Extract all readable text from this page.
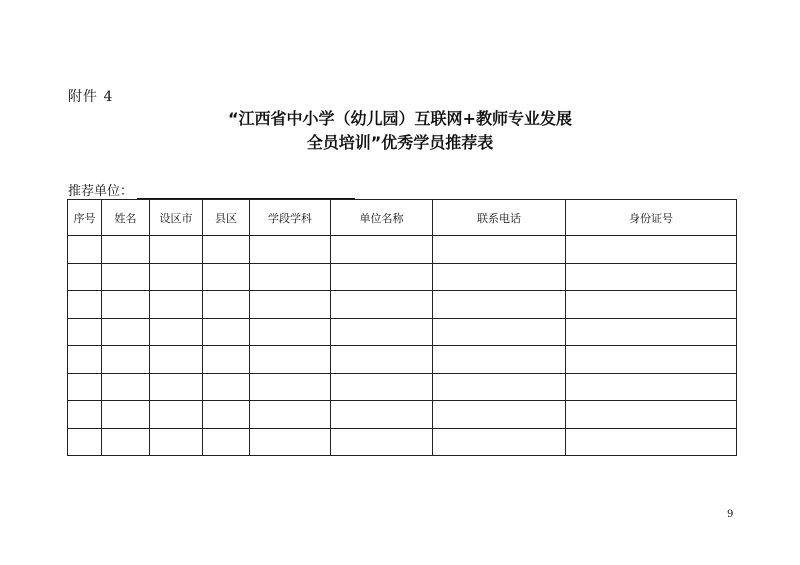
附件 4
“江西省中小学（幼儿园）互联网+教师专业发展
全员培训”优秀学员推荐表
推荐单位：
序号	姓名	设区市	县区	学段学科	单位名称	联系电话	身份证号

9
